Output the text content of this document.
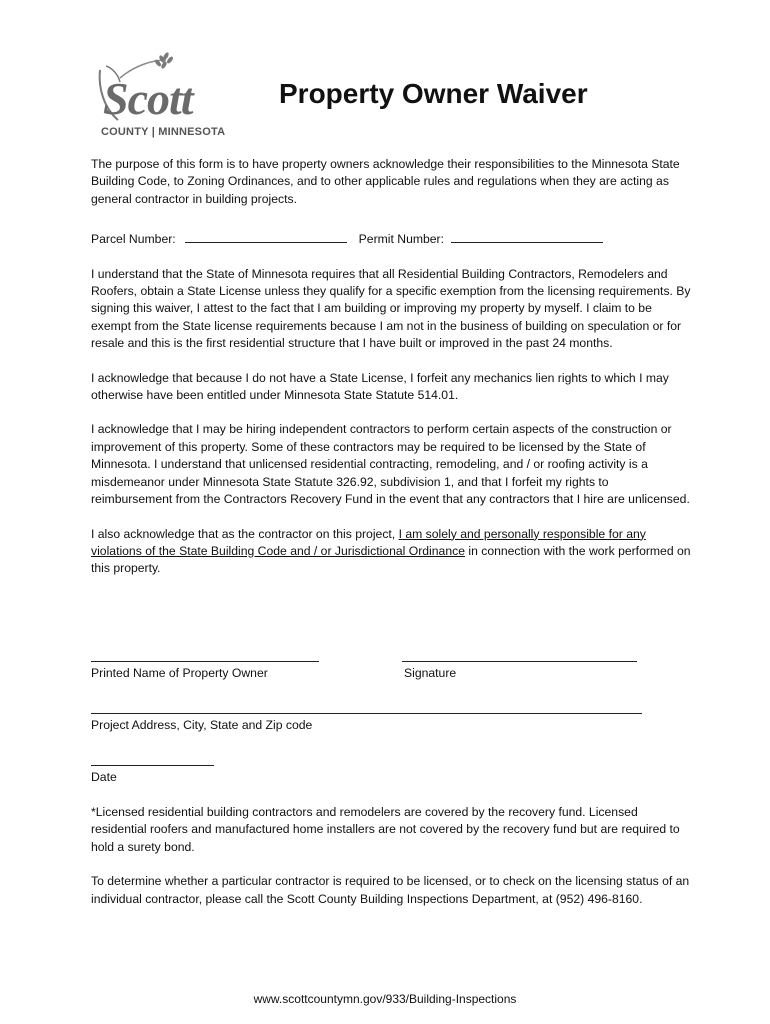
Scott
COUNTY | MINNESOTA
Property Owner Waiver

The purpose of this form is to have property owners acknowledge their responsibilities to the Minnesota State Building Code, to Zoning Ordinances, and to other applicable rules and regulations when they are acting as general contractor in building projects.

Parcel Number:	Permit Number:

I understand that the State of Minnesota requires that all Residential Building Contractors, Remodelers and Roofers, obtain a State License unless they qualify for a specific exemption from the licensing requirements. By signing this waiver, I attest to the fact that I am building or improving my property by myself. I claim to be exempt from the State license requirements because I am not in the business of building on speculation or for resale and this is the first residential structure that I have built or improved in the past 24 months.

I acknowledge that because I do not have a State License, I forfeit any mechanics lien rights to which I may otherwise have been entitled under Minnesota State Statute 514.01.

I acknowledge that I may be hiring independent contractors to perform certain aspects of the construction or improvement of this property. Some of these contractors may be required to be licensed by the State of Minnesota. I understand that unlicensed residential contracting, remodeling, and / or roofing activity is a misdemeanor under Minnesota State Statute 326.92, subdivision 1, and that I forfeit my rights to reimbursement from the Contractors Recovery Fund in the event that any contractors that I hire are unlicensed.

I also acknowledge that as the contractor on this project, I am solely and personally responsible for any violations of the State Building Code and / or Jurisdictional Ordinance in connection with the work performed on this property.

Printed Name of Property Owner	Signature
Project Address, City, State and Zip code
Date

*Licensed residential building contractors and remodelers are covered by the recovery fund. Licensed residential roofers and manufactured home installers are not covered by the recovery fund but are required to hold a surety bond.

To determine whether a particular contractor is required to be licensed, or to check on the licensing status of an individual contractor, please call the Scott County Building Inspections Department, at (952) 496-8160.

www.scottcountymn.gov/933/Building-Inspections
